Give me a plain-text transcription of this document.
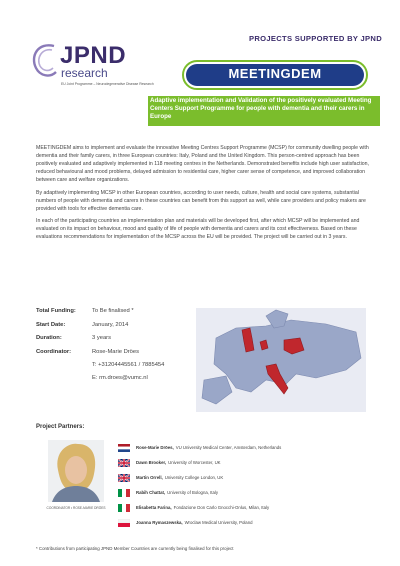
JPND
research
EU Joint Programme – Neurodegenerative Disease Research
PROJECTS SUPPORTED BY JPND
Adaptive implementation and Validation of the positively evaluated Meeting Centers Support Programme for people with dementia and their carers in Europe
MEETINGDEM

MEETINGDEM aims to implement and evaluate the innovative Meeting Centres Support Programme (MCSP) for community dwelling people with dementia and their family carers, in three European countries: Italy, Poland and the United Kingdom. This person-centred approach has been positively evaluated and adaptively implemented in 118 meeting centres in the Netherlands. Demonstrated benefits include high user satisfaction, reduced behavioural and mood problems, delayed admission to residential care, higher carer sense of competence, and improved collaboration between care and welfare organizations.

By adaptively implementing MCSP in other European countries, according to user needs, culture, health and social care systems, substantial numbers of people with dementia and carers in these countries can benefit from this support as well, while care providers and policy makers are provided with tools for effective dementia care.

In each of the participating countries an implementation plan and materials will be developed first, after which MCSP will be implemented and evaluated on its impact on behaviour, mood and quality of life of people with dementia and carers and its cost effectiveness. Based on these evaluations recommendations for implementation of the MCSP across the EU will be provided. The project will be carried out in 3 years.

Total Funding:	To Be finalised *
Start Date:	January, 2014
Duration:	3 years
Coordinator:	Rose-Marie Dröes
T: +31204445561 / 7885454
E: rm.droes@vumc.nl
Project Partners:
COORDINATOR • ROSE-MARIE DRÖES
Rose-Marie Dröes, VU University Medical Center, Amsterdam, Netherlands
Dawn Brooker, University of Worcester, UK
Martin Orrell, University College London, UK
Rabih Chattat, University of Bologna, Italy
Elisabetta Farina, Fondazione Don Carlo Gnocchi-Onlus, Milan, Italy
Joanna Rymaszewska, Wroclaw Medical University, Poland
* Contributions from participating JPND Member Countries are currently being finalised for this project
